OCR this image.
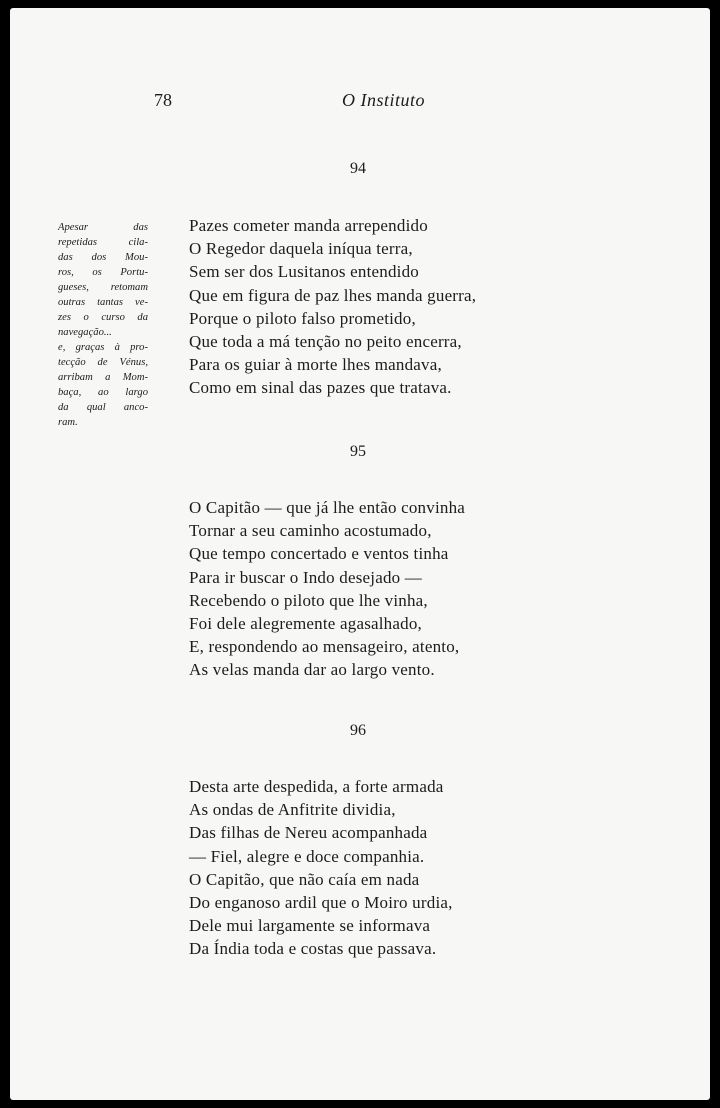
78	O Instituto
Apesar das
repetidas cila-
das dos Mou-
ros, os Portu-
gueses, retomam
outras tantas ve-
zes o curso da
navegação...
e, graças à pro-
tecção de Vénus,
arribam a Mom-
baça, ao largo
da qual anco-
ram.
94
Pazes cometer manda arrependido
O Regedor daquela iníqua terra,
Sem ser dos Lusitanos entendido
Que em figura de paz lhes manda guerra,
Porque o piloto falso prometido,
Que toda a má tenção no peito encerra,
Para os guiar à morte lhes mandava,
Como em sinal das pazes que tratava.
95
O Capitão — que já lhe então convinha
Tornar a seu caminho acostumado,
Que tempo concertado e ventos tinha
Para ir buscar o Indo desejado —
Recebendo o piloto que lhe vinha,
Foi dele alegremente agasalhado,
E, respondendo ao mensageiro, atento,
As velas manda dar ao largo vento.
96
Desta arte despedida, a forte armada
As ondas de Anfitrite dividia,
Das filhas de Nereu acompanhada
— Fiel, alegre e doce companhia.
O Capitão, que não caía em nada
Do enganoso ardil que o Moiro urdia,
Dele mui largamente se informava
Da Índia toda e costas que passava.
